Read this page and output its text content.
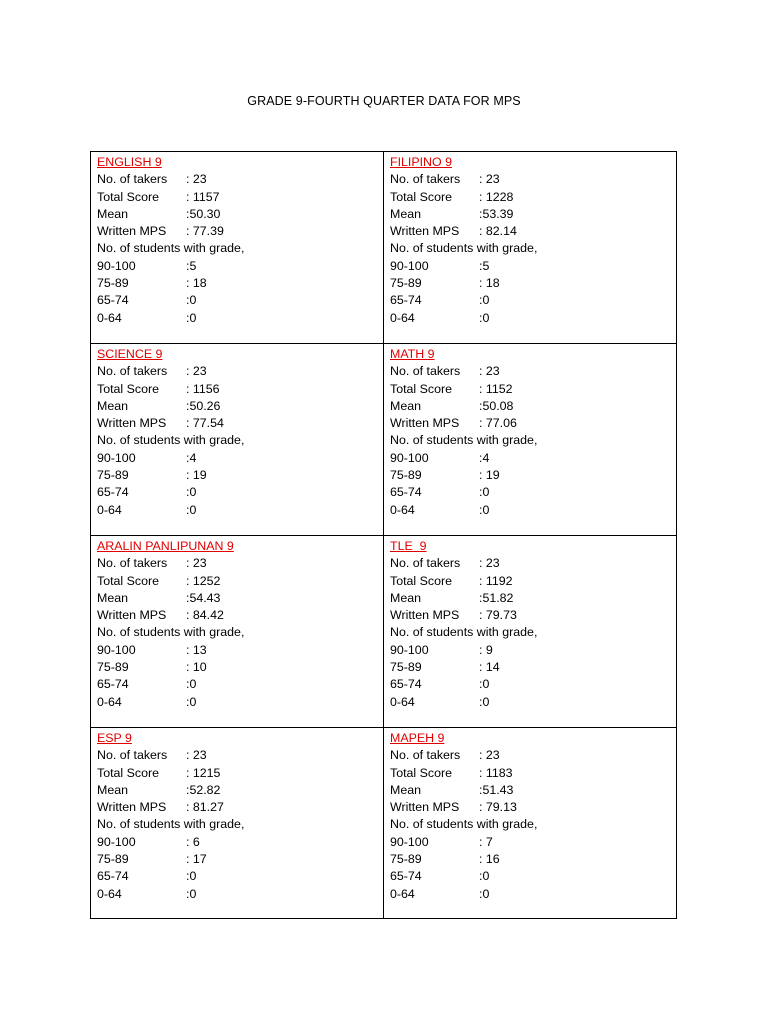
GRADE 9-FOURTH QUARTER DATA FOR MPS
ENGLISH 9
No. of takers	: 23
Total Score	: 1157
Mean	:50.30
Written MPS	: 77.39
No. of students with grade,
90-100	:5
75-89	: 18
65-74	:0
0-64	:0
FILIPINO 9
No. of takers	: 23
Total Score	: 1228
Mean	:53.39
Written MPS	: 82.14
No. of students with grade,
90-100	:5
75-89	: 18
65-74	:0
0-64	:0
SCIENCE 9
No. of takers	: 23
Total Score	: 1156
Mean	:50.26
Written MPS	: 77.54
No. of students with grade,
90-100	:4
75-89	: 19
65-74	:0
0-64	:0
MATH 9
No. of takers	: 23
Total Score	: 1152
Mean	:50.08
Written MPS	: 77.06
No. of students with grade,
90-100	:4
75-89	: 19
65-74	:0
0-64	:0
ARALIN PANLIPUNAN 9
No. of takers	: 23
Total Score	: 1252
Mean	:54.43
Written MPS	: 84.42
No. of students with grade,
90-100	: 13
75-89	: 10
65-74	:0
0-64	:0
TLE  9
No. of takers	: 23
Total Score	: 1192
Mean	:51.82
Written MPS	: 79.73
No. of students with grade,
90-100	: 9
75-89	: 14
65-74	:0
0-64	:0
ESP 9
No. of takers	: 23
Total Score	: 1215
Mean	:52.82
Written MPS	: 81.27
No. of students with grade,
90-100	: 6
75-89	: 17
65-74	:0
0-64	:0
MAPEH 9
No. of takers	: 23
Total Score	: 1183
Mean	:51.43
Written MPS	: 79.13
No. of students with grade,
90-100	: 7
75-89	: 16
65-74	:0
0-64	:0
